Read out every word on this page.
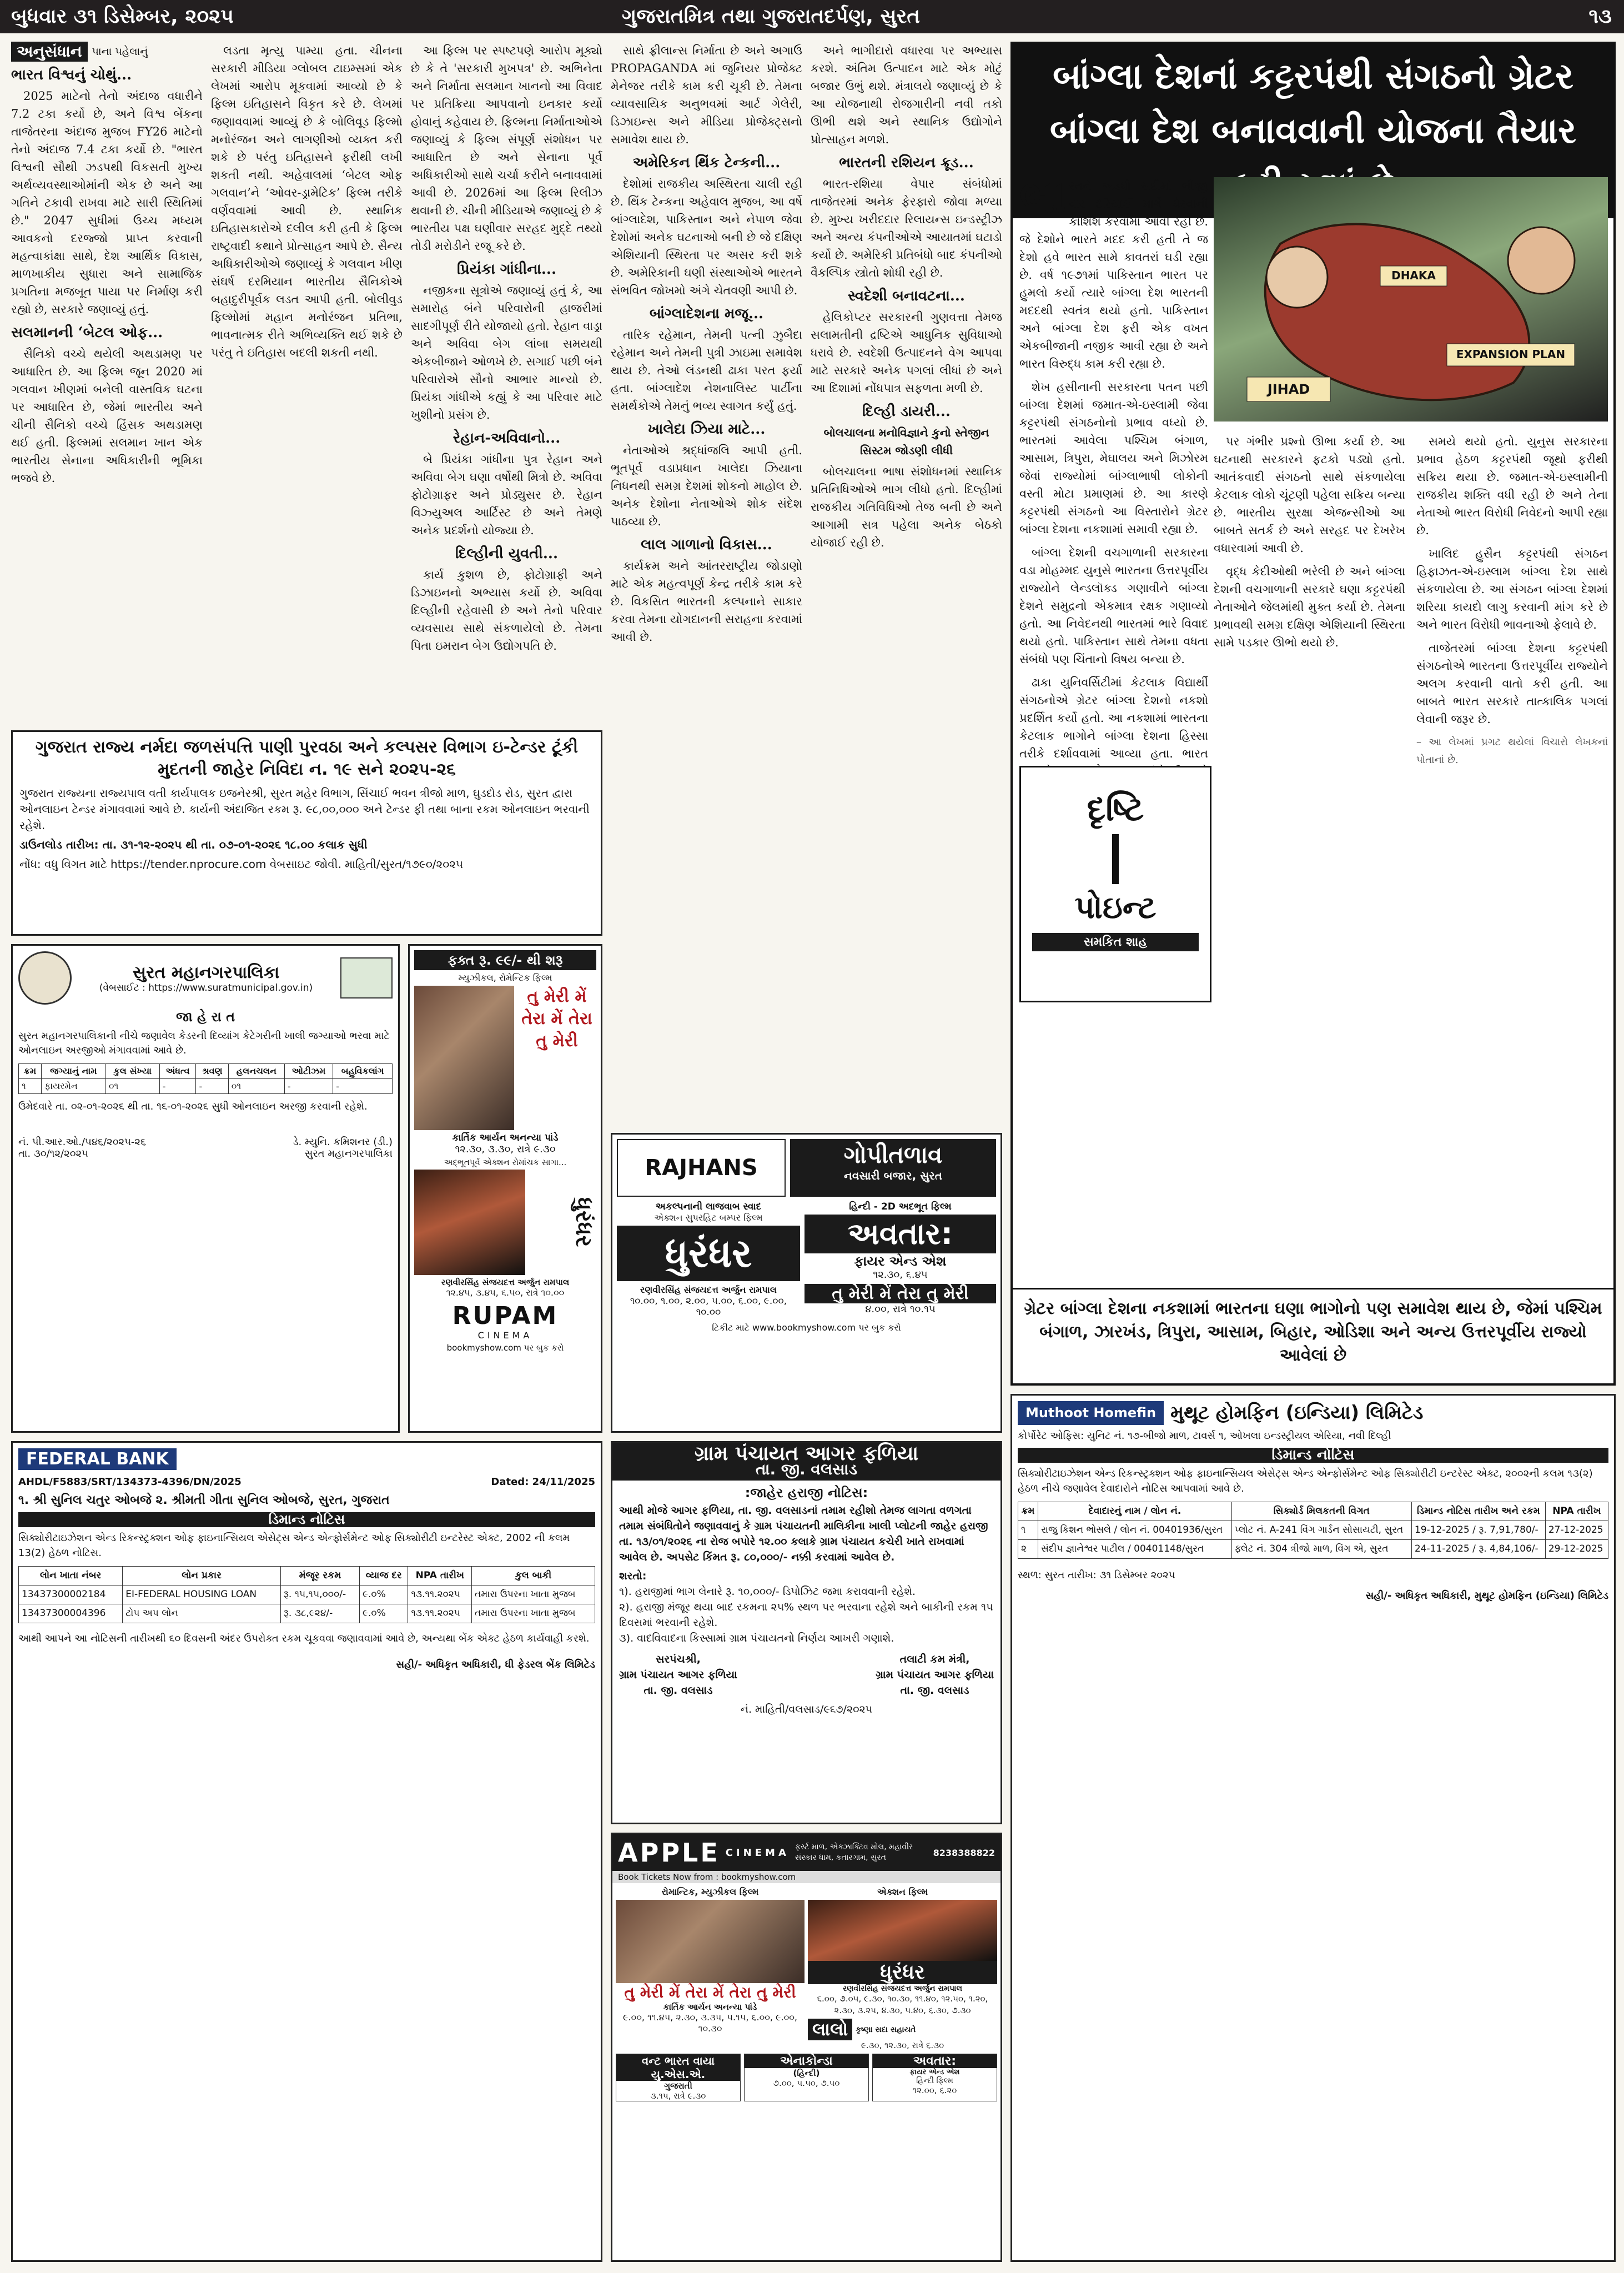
બુધવાર ૩૧ ડિસેમ્બર, ૨૦૨૫	ગુજરાતમિત્ર તથા ગુજરાતદર્પણ, સુરત	૧૩
અનુસંધાન પાના પહેલાનું
ભારત વિશ્વનું ચોથું...

2025 માટેનો તેનો અંદાજ વધારીને 7.2 ટકા કર્યો છે, અને વિશ્વ બેંકના તાજેતરના અંદાજ મુજબ FY26 માટેનો તેનો અંદાજ 7.4 ટકા કર્યો છે. "ભારત વિશ્વની સૌથી ઝડપથી વિકસતી મુખ્ય અર્થવ્યવસ્થાઓમાંની એક છે અને આ ગતિને ટકાવી રાખવા માટે સારી સ્થિતિમાં છે." 2047 સુધીમાં ઉચ્ચ મધ્યમ આવકનો દરજ્જો પ્રાપ્ત કરવાની મહત્વાકાંક્ષા સાથે, દેશ આર્થિક વિકાસ, માળખાકીય સુધારા અને સામાજિક પ્રગતિના મજબૂત પાયા પર નિર્માણ કરી રહ્યો છે, સરકારે જણાવ્યું હતું.

સલમાનની ‘બેટલ ઓફ...

સૈનિકો વચ્ચે થયેલી અથડામણ પર આધારિત છે. આ ફિલ્મ જૂન 2020 માં ગલવાન ખીણમાં બનેલી વાસ્તવિક ઘટના પર આધારિત છે, જેમાં ભારતીય અને ચીની સૈનિકો વચ્ચે હિંસક અથડામણ થઈ હતી. ફિલ્મમાં સલમાન ખાન એક ભારતીય સેનાના અધિકારીની ભૂમિકા ભજવે છે.

લડતા મૃત્યુ પામ્યા હતા. ચીનના સરકારી મીડિયા ગ્લોબલ ટાઇમ્સમાં એક લેખમાં આરોપ મૂકવામાં આવ્યો છે કે ફિલ્મ ઇતિહાસને વિકૃત કરે છે. લેખમાં જણાવવામાં આવ્યું છે કે બોલિવૂડ ફિલ્મો મનોરંજન અને લાગણીઓ વ્યક્ત કરી શકે છે પરંતુ ઇતિહાસને ફરીથી લખી શકતી નથી. અહેવાલમાં ‘બેટલ ઓફ ગલવાન’ને ‘ઓવર-ડ્રામેટિક’ ફિલ્મ તરીકે વર્ણવવામાં આવી છે. સ્થાનિક ઇતિહાસકારોએ દલીલ કરી હતી કે ફિલ્મ રાષ્ટ્રવાદી કથાને પ્રોત્સાહન આપે છે. સૈન્ય અધિકારીઓએ જણાવ્યું કે ગલવાન ખીણ સંઘર્ષ દરમિયાન ભારતીય સૈનિકોએ બહાદુરીપૂર્વક લડત આપી હતી. બોલીવુડ ફિલ્મોમાં મહાન મનોરંજન પ્રતિભા, ભાવનાત્મક રીતે અભિવ્યક્તિ થઈ શકે છે પરંતુ તે ઇતિહાસ બદલી શકતી નથી.

આ ફિલ્મ પર સ્પષ્ટપણે આરોપ મૂક્યો છે કે તે 'સરકારી મુખપત્ર' છે. અભિનેતા અને નિર્માતા સલમાન ખાનનો આ વિવાદ પર પ્રતિક્રિયા આપવાનો ઇનકાર કર્યો હોવાનું કહેવાય છે. ફિલ્મના નિર્માતાઓએ જણાવ્યું કે ફિલ્મ સંપૂર્ણ સંશોધન પર આધારિત છે અને સેનાના પૂર્વ અધિકારીઓ સાથે ચર્ચા કરીને બનાવવામાં આવી છે. 2026માં આ ફિલ્મ રિલીઝ થવાની છે. ચીની મીડિયાએ જણાવ્યું છે કે ભારતીય પક્ષ ઘણીવાર સરહદ મુદ્દે તથ્યો તોડી મરોડીને રજૂ કરે છે.

પ્રિયંકા ગાંધીના...

નજીકના સૂત્રોએ જણાવ્યું હતું કે, આ સમારોહ બંને પરિવારોની હાજરીમાં સાદગીપૂર્ણ રીતે યોજાયો હતો. રેહાન વાડ્રા અને અવિવા બેગ લાંબા સમયથી એકબીજાને ઓળખે છે. સગાઈ પછી બંને પરિવારોએ સૌનો આભાર માન્યો છે. પ્રિયંકા ગાંધીએ કહ્યું કે આ પરિવાર માટે ખુશીનો પ્રસંગ છે.

રેહાન-અવિવાનો...

બે પ્રિયંકા ગાંધીના પુત્ર રેહાન અને અવિવા બેગ ઘણા વર્ષોથી મિત્રો છે. અવિવા ફોટોગ્રાફર અને પ્રોડ્યુસર છે. રેહાન વિઝ્યુઅલ આર્ટિસ્ટ છે અને તેમણે અનેક પ્રદર્શનો યોજ્યા છે.

દિલ્હીની યુવતી...

કાર્ય કુશળ છે, ફોટોગ્રાફી અને ડિઝાઇનનો અભ્યાસ કર્યો છે. અવિવા દિલ્હીની રહેવાસી છે અને તેનો પરિવાર વ્યવસાય સાથે સંકળાયેલો છે. તેમના પિતા ઇમરાન બેગ ઉદ્યોગપતિ છે.

સાથે ફ્રીલાન્સ નિર્માતા છે અને અગાઉ PROPAGANDA માં જુનિયર પ્રોજેક્ટ મેનેજર તરીકે કામ કરી ચૂકી છે. તેમના વ્યાવસાયિક અનુભવમાં આર્ટ ગેલેરી, ડિઝાઇન્સ અને મીડિયા પ્રોજેક્ટ્સનો સમાવેશ થાય છે.

અમેરિકન થિંક ટેન્કની...

દેશોમાં રાજકીય અસ્થિરતા ચાલી રહી છે. થિંક ટેન્કના અહેવાલ મુજબ, આ વર્ષે બાંગ્લાદેશ, પાકિસ્તાન અને નેપાળ જેવા દેશોમાં અનેક ઘટનાઓ બની છે જે દક્ષિણ એશિયાની સ્થિરતા પર અસર કરી શકે છે. અમેરિકાની ઘણી સંસ્થાઓએ ભારતને સંભવિત જોખમો અંગે ચેતવણી આપી છે.

બાંગ્લાદેશના મજૂ...

તારિક રહેમાન, તેમની પત્ની ઝુબૈદા રહેમાન અને તેમની પુત્રી ઝાઇમા સમાવેશ થાય છે. તેઓ લંડનથી ઢાકા પરત ફર્યા હતા. બાંગ્લાદેશ નેશનાલિસ્ટ પાર્ટીના સમર્થકોએ તેમનું ભવ્ય સ્વાગત કર્યું હતું.

ખાલેદા ઝિયા માટે...

નેતાઓએ શ્રદ્ધાંજલિ આપી હતી. ભૂતપૂર્વ વડાપ્રધાન ખાલેદા ઝિયાના નિધનથી સમગ્ર દેશમાં શોકનો માહોલ છે. અનેક દેશોના નેતાઓએ શોક સંદેશ પાઠવ્યા છે.

લાલ ગાળાનો વિકાસ...

કાર્યક્રમ અને આંતરરાષ્ટ્રીય જોડાણો માટે એક મહત્વપૂર્ણ કેન્દ્ર તરીકે કામ કરે છે. વિકસિત ભારતની કલ્પનાને સાકાર કરવા તેમના યોગદાનની સરાહના કરવામાં આવી છે.

અને ભાગીદારો વધારવા પર અભ્યાસ કરશે. અંતિમ ઉત્પાદન માટે એક મોટું બજાર ઉભું થશે. મંત્રાલયે જણાવ્યું છે કે આ યોજનાથી રોજગારીની નવી તકો ઊભી થશે અને સ્થાનિક ઉદ્યોગોને પ્રોત્સાહન મળશે.

ભારતની રશિયન ક્રૂડ...

ભારત-રશિયા વેપાર સંબંધોમાં તાજેતરમાં અનેક ફેરફારો જોવા મળ્યા છે. મુખ્ય ખરીદદાર રિલાયન્સ ઇન્ડસ્ટ્રીઝ અને અન્ય કંપનીઓએ આયાતમાં ઘટાડો કર્યો છે. અમેરિકી પ્રતિબંધો બાદ કંપનીઓ વૈકલ્પિક સ્ત્રોતો શોધી રહી છે.

સ્વદેશી બનાવટના...

હેલિકોપ્ટર સરકારની ગુણવત્તા તેમજ સલામતીની દ્રષ્ટિએ આધુનિક સુવિધાઓ ધરાવે છે. સ્વદેશી ઉત્પાદનને વેગ આપવા માટે સરકારે અનેક પગલાં લીધાં છે અને આ દિશામાં નોંધપાત્ર સફળતા મળી છે.

દિલ્હી ડાયરી...
બોલચાલના મનોવિજ્ઞાને કુનો સ્તેજીન સિસ્ટમ જોડણી લીધી

બોલચાલના ભાષા સંશોધનમાં સ્થાનિક પ્રતિનિધિઓએ ભાગ લીધો હતો. દિલ્હીમાં રાજકીય ગતિવિધિઓ તેજ બની છે અને આગામી સત્ર પહેલા અનેક બેઠકો યોજાઈ રહી છે.

ગુજરાત રાજ્ય નર્મદા જળસંપત્તિ પાણી પુરવઠા અને કલ્પસર વિભાગ ઇ-ટેન્ડર ટૂંકી મુદતની જાહેર નિવિદા ન. ૧૯ સને ૨૦૨૫-૨૬
ગુજરાત રાજ્યના રાજ્યપાલ વતી કાર્યપાલક ઇજનેરશ્રી, સુરત મહેર વિભાગ, સિંચાઈ ભવન ત્રીજો માળ, ઘુડદોડ રોડ, સુરત દ્વારા ઓનલાઇન ટેન્ડર મંગાવવામાં આવે છે. કાર્યની અંદાજિત રકમ રૂ. ૯૮,૦૦,૦૦૦ અને ટેન્ડર ફી તથા બાના રકમ ઓનલાઇન ભરવાની રહેશે.
ડાઉનલોડ તારીખ: તા. ૩૧-૧૨-૨૦૨૫ થી તા. ૦૭-૦૧-૨૦૨૬ ૧૮.૦૦ કલાક સુધી
નોંધ: વધુ વિગત માટે https://tender.nprocure.com વેબસાઇટ જોવી. માહિતી/સુરત/૧૭૯૦/૨૦૨૫
સુરત મહાનગરપાલિકા
(વેબસાઈટ : https://www.suratmunicipal.gov.in)
જા હે રા ત
સુરત મહાનગરપાલિકાની નીચે જણાવેલ કેડરની દિવ્યાંગ કેટેગરીની ખાલી જગ્યાઓ ભરવા માટે ઓનલાઇન અરજીઓ મંગાવવામાં આવે છે.
ક્રમ	જગ્યાનું નામ	કુલ સંખ્યા	અંધત્વ	શ્રવણ	હલનચલન	ઓટીઝમ	બહુવિકલાંગ
૧	ફાયરમેન	૦૧	-	-	૦૧	-	-
ઉમેદવારે તા. ૦૨-૦૧-૨૦૨૬ થી તા. ૧૬-૦૧-૨૦૨૬ સુધી ઓનલાઇન અરજી કરવાની રહેશે.
નં. પી.આર.ઓ./૫૪૬/૨૦૨૫-૨૬
તા. ૩૦/૧૨/૨૦૨૫
ડે. મ્યુનિ. કમિશનર (ડી.)
સુરત મહાનગરપાલિકા
ફક્ત રૂ. ૯૯/- થી શરૂ
મ્યુઝીકલ, રોમેન્ટિક ફિલ્મ
તુ મેરી મેં તેરા મેં તેરા તુ મેરી
કાર્તિક આર્યન અનન્યા પાંડે
૧૨.૩૦, ૩.૩૦, રાત્રે ૯.૩૦
અદ્ભૂતપૂર્વ એક્શન રોમાંચક સાગા...
ધુરંધર
રણવીરસિંહ સંજયદત્ત અર્જુન રામપાલ
૧૨.૪૫, ૩.૪૫, ૬.૫૦, રાત્રે ૧૦.૦૦
RUPAM
CINEMA
bookmyshow.com પર બુક કરો
RAJHANS	ગોપીતળાવ
નવસારી બજાર, સુરત
અકલ્પનાની લાજવાબ સ્વાદ
એક્શન સુપરહિટ બમ્પર ફિલ્મ
ધુરંધર
રણવીરસિંહ સંજયદત્ત અર્જુન રામપાલ
૧૦.૦૦, ૧.૦૦, ૨.૦૦, ૫.૦૦, ૬.૦૦, ૯.૦૦, ૧૦.૦૦
હિન્દી - 2D અદભૂત ફિલ્મ
અવતાર:
ફાયર એન્ડ એશ
૧૨.૩૦, ૬.૪૫
તુ મેરી મેં તેરા તુ મેરી
૪.૦૦, રાત્રે ૧૦.૧૫
ટિકીટ માટે www.bookmyshow.com પર બુક કરો
FEDERAL BANK
AHDL/F5883/SRT/134373-4396/DN/2025	Dated: 24/11/2025
૧. શ્રી સુનિલ ચતુર ઓબજે ૨. શ્રીમતી ગીતા સુનિલ ઓબજે, સુરત, ગુજરાત
ડિમાન્ડ નોટિસ
સિક્યોરીટાઇઝેશન એન્ડ રિકન્સ્ટ્રક્શન ઓફ ફાઇનાન્સિયલ એસેટ્સ એન્ડ એન્ફોર્સમેન્ટ ઓફ સિક્યોરીટી ઇન્ટરેસ્ટ એક્ટ, 2002 ની કલમ 13(2) હેઠળ નોટિસ.
લોન ખાતા નંબર	લોન પ્રકાર	મંજૂર રકમ	વ્યાજ દર	NPA તારીખ	કુલ બાકી
13437300002184	EI-FEDERAL HOUSING LOAN	રૂ. ૧૫,૧૫,૦૦૦/-	૯.૦%	૧૩.૧૧.૨૦૨૫	તમારા ઉપરના ખાતા મુજબ
13437300004396	ટોપ અપ લોન	રૂ. ૩૮,૯૨૪/-	૯.૦%	૧૩.૧૧.૨૦૨૫	તમારા ઉપરના ખાતા મુજબ
આથી આપને આ નોટિસની તારીખથી ૬૦ દિવસની અંદર ઉપરોક્ત રકમ ચૂકવવા જણાવવામાં આવે છે, અન્યથા બેંક એક્ટ હેઠળ કાર્યવાહી કરશે.
સહી/- અધિકૃત અધિકારી, ધી ફેડરલ બેંક લિમિટેડ
ગ્રામ પંચાયત આગર ફળિયા
તા. જી. વલસાડ
:જાહેર હરાજી નોટિસ:
આથી મોજે આગર ફળિયા, તા. જી. વલસાડનાં તમામ રહીશો તેમજ લાગતા વળગતા તમામ સંબંધિતોને જણાવવાનું કે ગ્રામ પંચાયતની માલિકીના ખાલી પ્લોટની જાહેર હરાજી તા. ૧૩/૦૧/૨૦૨૬ ના રોજ બપોરે ૧૨.૦૦ કલાકે ગ્રામ પંચાયત કચેરી ખાતે રાખવામાં આવેલ છે. અપસેટ કિંમત રૂ. ૮૦,૦૦૦/- નક્કી કરવામાં આવેલ છે.
શરતો:
૧). હરાજીમાં ભાગ લેનારે રૂ. ૧૦,૦૦૦/- ડિપોઝિટ જમા કરાવવાની રહેશે.
૨). હરાજી મંજૂર થયા બાદ રકમના ૨૫% સ્થળ પર ભરવાના રહેશે અને બાકીની રકમ ૧૫ દિવસમાં ભરવાની રહેશે.
૩). વાદવિવાદના કિસ્સામાં ગ્રામ પંચાયતનો નિર્ણય આખરી ગણાશે.
સરપંચશ્રી,
ગ્રામ પંચાયત આગર ફળિયા
તા. જી. વલસાડ
તલાટી કમ મંત્રી,
ગ્રામ પંચાયત આગર ફળિયા
તા. જી. વલસાડ
નં. માહિતી/વલસાડ/૯૬૭/૨૦૨૫
APPLE CINEMA ફર્સ્ટ માળ, એક્ઝાક્ટિવ મોલ, મહાવીર સંસ્કાર ધામ, કતારગામ, સુરત	8238388822
Book Tickets Now from : bookmyshow.com
રોમાન્ટિક, મ્યુઝીકલ ફિલ્મ
તુ મેરી મેં તેરા મેં તેરા તુ મેરી
કાર્તિક આર્યન અનન્યા પાંડે
૯.૦૦, ૧૧.૪૫, ૨.૩૦, ૩.૩૫, ૫.૧૫, ૬.૦૦, ૯.૦૦, ૧૦.૩૦
એક્શન ફિલ્મ
ધુરંધર
રણવીરસિંહ સંજયદત્ત અર્જુન રામપાલ
૬.૦૦, ૭.૦૫, ૯.૩૦, ૧૦.૩૦, ૧૧.૪૦, ૧૨.૫૦, ૧.૨૦, ૨.૩૦, ૩.૨૫, ૪.૩૦, ૫.૪૦, ૬.૩૦, ૭.૩૦
લાલો	કૃષ્ણા સદા સહાયતે
૯.૩૦, ૧૨.૩૦, રાત્રે ૬.૩૦
વન્ટ ભારત વાયા યુ.એસ.એ.
ગુજરાતી
૩.૧૫, રાત્રે ૯.૩૦
એનાકોન્ડા
(હિન્દી)
૭.૦૦, ૫.૫૦, ૭.૫૦
અવતાર:
ફાયર એન્ડ એશ
હિન્દી ફિલ્મ
૧૨.૦૦, ૬.૨૦
બાંગ્લા દેશનાં કટ્ટરપંથી સંગઠનો ગ્રેટર બાંગ્લા દેશ બનાવવાની યોજના તૈયાર

ભારતને અડધી સદીમાં બીજી વાર દરિયાઈ માર્ગે ઘેરવાની કોશિશ કરવામાં આવી રહી છે. જે દેશોને ભારતે મદદ કરી હતી તે જ દેશો હવે ભારત સામે કાવતરાં ઘડી રહ્યા છે. વર્ષ ૧૯૭૧માં પાકિસ્તાન ભારત પર હુમલો કર્યો ત્યારે બાંગ્લા દેશ ભારતની મદદથી સ્વતંત્ર થયો હતો. પાકિસ્તાન અને બાંગ્લા દેશ ફરી એક વખત એકબીજાની નજીક આવી રહ્યા છે અને ભારત વિરુદ્ધ કામ કરી રહ્યા છે.

શેખ હસીનાની સરકારના પતન પછી બાંગ્લા દેશમાં જમાત-એ-ઇસ્લામી જેવા કટ્ટરપંથી સંગઠનોનો પ્રભાવ વધ્યો છે. ભારતમાં આવેલા પશ્ચિમ બંગાળ, આસામ, ત્રિપુરા, મેઘાલય અને મિઝોરમ જેવાં રાજ્યોમાં બાંગ્લાભાષી લોકોની વસ્તી મોટા પ્રમાણમાં છે. આ કારણે કટ્ટરપંથી સંગઠનો આ વિસ્તારોને ગ્રેટર બાંગ્લા દેશના નકશામાં સમાવી રહ્યા છે.

બાંગ્લા દેશની વચગાળાની સરકારના વડા મોહમ્મદ યુનુસે ભારતના ઉત્તરપૂર્વીય રાજ્યોને લેન્ડલૉક્ડ ગણાવીને બાંગ્લા દેશને સમુદ્રનો એકમાત્ર રક્ષક ગણાવ્યો હતો. આ નિવેદનથી ભારતમાં ભારે વિવાદ થયો હતો. પાકિસ્તાન સાથે તેમના વધતા સંબંધો પણ ચિંતાનો વિષય બન્યા છે.

ઢાકા યુનિવર્સિટીમાં કેટલાક વિદ્યાર્થી સંગઠનોએ ગ્રેટર બાંગ્લા દેશનો નકશો પ્રદર્શિત કર્યો હતો. આ નકશામાં ભારતના કેટલાક ભાગોને બાંગ્લા દેશના હિસ્સા તરીકે દર્શાવવામાં આવ્યા હતા. ભારત

DHAKA
JIHAD
EXPANSION PLAN

પર ગંભીર પ્રશ્નો ઊભા કર્યા છે. આ ઘટનાથી સરકારને ફટકો પડ્યો હતો. આતંકવાદી સંગઠનો સાથે સંકળાયેલા કેટલાક લોકો ચૂંટણી પહેલા સક્રિય બન્યા છે. ભારતીય સુરક્ષા એજન્સીઓ આ બાબતે સતર્ક છે અને સરહદ પર દેખરેખ વધારવામાં આવી છે.

વૃદ્ધ કેદીઓથી ભરેલી છે અને બાંગ્લા દેશની વચગાળાની સરકારે ઘણા કટ્ટરપંથી નેતાઓને જેલમાંથી મુક્ત કર્યા છે. તેમના પ્રભાવથી સમગ્ર દક્ષિણ એશિયાની સ્થિરતા સામે પડકાર ઊભો થયો છે.

સમયે થયો હતો. યુનુસ સરકારના પ્રભાવ હેઠળ કટ્ટરપંથી જૂથો ફરીથી સક્રિય થયા છે. જમાત-એ-ઇસ્લામીની રાજકીય શક્તિ વધી રહી છે અને તેના નેતાઓ ભારત વિરોધી નિવેદનો આપી રહ્યા છે.

ખાલિદ હુસૈન કટ્ટરપંથી સંગઠન હિફાઝત-એ-ઇસ્લામ બાંગ્લા દેશ સાથે સંકળાયેલા છે. આ સંગઠન બાંગ્લા દેશમાં શરિયા કાયદો લાગુ કરવાની માંગ કરે છે અને ભારત વિરોધી ભાવનાઓ ફેલાવે છે.

તાજેતરમાં બાંગ્લા દેશના કટ્ટરપંથી સંગઠનોએ ભારતના ઉત્તરપૂર્વીય રાજ્યોને અલગ કરવાની વાતો કરી હતી. આ બાબતે ભારત સરકારે તાત્કાલિક પગલાં લેવાની જરૂર છે.

– આ લેખમાં પ્રગટ થયેલાં વિચારો લેખકનાં પોતાનાં છે.

દૃષ્ટિ
પોઇન્ટ
સમકિત શાહ
ગ્રેટર બાંગ્લા દેશના નકશામાં ભારતના ઘણા ભાગોનો પણ સમાવેશ થાય છે, જેમાં પશ્ચિમ બંગાળ, ઝારખંડ, ત્રિપુરા, આસામ, બિહાર, ઓડિશા અને અન્ય ઉત્તરપૂર્વીય રાજ્યો આવેલાં છે
Muthoot Homefin મુથૂટ હોમફિન (ઇન્ડિયા) લિમિટેડ
કોર્પોરેટ ઓફિસ: યુનિટ નં. ૧૭-બીજો માળ, ટાવર્સ ૧, ઓખલા ઇન્ડસ્ટ્રીયલ એરિયા, નવી દિલ્હી
ડિમાન્ડ નોટિસ
સિક્યોરીટાઇઝેશન એન્ડ રિકન્સ્ટ્રક્શન ઓફ ફાઇનાન્સિયલ એસેટ્સ એન્ડ એન્ફોર્સમેન્ટ ઓફ સિક્યોરીટી ઇન્ટરેસ્ટ એક્ટ, ૨૦૦૨ની કલમ ૧૩(૨) હેઠળ નીચે જણાવેલ દેવાદારોને નોટિસ આપવામાં આવે છે.
ક્રમ	દેવાદારનું નામ / લોન નં.	સિક્યોર્ડ મિલકતની વિગત	ડિમાન્ડ નોટિસ તારીખ અને રકમ	NPA તારીખ
૧	રાજુ કિશન ભોસલે / લોન નં. 00401936/સુરત	પ્લોટ નં. A-241 વિંગ ગાર્ડન સોસાયટી, સુરત	19-12-2025 / રૂ. 7,91,780/-	27-12-2025
૨	સંદીપ જ્ઞાનેશ્વર પાટીલ / 00401148/સુરત	ફ્લેટ નં. 304 ત્રીજો માળ, વિંગ એ, સુરત	24-11-2025 / રૂ. 4,84,106/-	29-12-2025
સ્થળ: સુરત તારીખ: ૩૧ ડિસેમ્બર ૨૦૨૫
સહી/- અધિકૃત અધિકારી, મુથૂટ હોમફિન (ઇન્ડિયા) લિમિટેડ
